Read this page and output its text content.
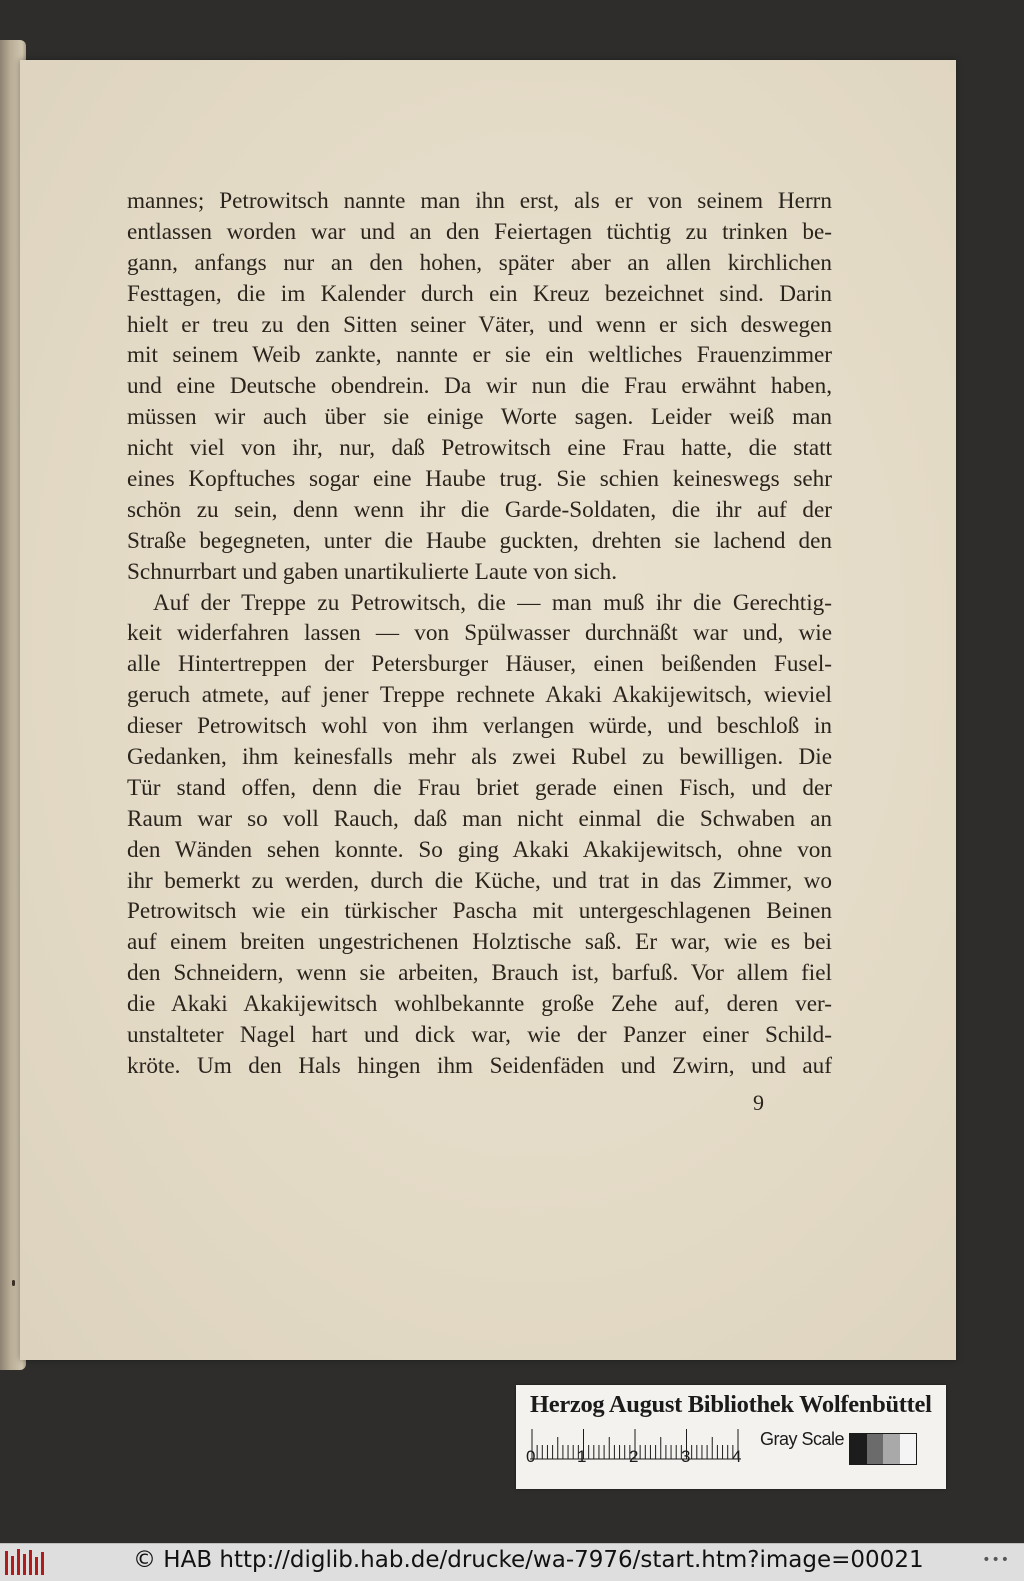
mannes; Petrowitsch nannte man ihn erst, als er von seinem Herrn
entlassen worden war und an den Feiertagen tüchtig zu trinken be-
gann, anfangs nur an den hohen, später aber an allen kirchlichen
Festtagen, die im Kalender durch ein Kreuz bezeichnet sind. Darin
hielt er treu zu den Sitten seiner Väter, und wenn er sich deswegen
mit seinem Weib zankte, nannte er sie ein weltliches Frauenzimmer
und eine Deutsche obendrein. Da wir nun die Frau erwähnt haben,
müssen wir auch über sie einige Worte sagen. Leider weiß man
nicht viel von ihr, nur, daß Petrowitsch eine Frau hatte, die statt
eines Kopftuches sogar eine Haube trug. Sie schien keineswegs sehr
schön zu sein, denn wenn ihr die Garde-Soldaten, die ihr auf der
Straße begegneten, unter die Haube guckten, drehten sie lachend den
Schnurrbart und gaben unartikulierte Laute von sich.
Auf der Treppe zu Petrowitsch, die — man muß ihr die Gerechtig-
keit widerfahren lassen — von Spülwasser durchnäßt war und, wie
alle Hintertreppen der Petersburger Häuser, einen beißenden Fusel-
geruch atmete, auf jener Treppe rechnete Akaki Akakijewitsch, wieviel
dieser Petrowitsch wohl von ihm verlangen würde, und beschloß in
Gedanken, ihm keinesfalls mehr als zwei Rubel zu bewilligen. Die
Tür stand offen, denn die Frau briet gerade einen Fisch, und der
Raum war so voll Rauch, daß man nicht einmal die Schwaben an
den Wänden sehen konnte. So ging Akaki Akakijewitsch, ohne von
ihr bemerkt zu werden, durch die Küche, und trat in das Zimmer, wo
Petrowitsch wie ein türkischer Pascha mit untergeschlagenen Beinen
auf einem breiten ungestrichenen Holztische saß. Er war, wie es bei
den Schneidern, wenn sie arbeiten, Brauch ist, barfuß. Vor allem fiel
die Akaki Akakijewitsch wohlbekannte große Zehe auf, deren ver-
unstalteter Nagel hart und dick war, wie der Panzer einer Schild-
kröte. Um den Hals hingen ihm Seidenfäden und Zwirn, und auf
9
Herzog August Bibliothek Wolfenbüttel
0 1	2	3 4
Gray Scale
© HAB http://diglib.hab.de/drucke/wa-7976/start.htm?image=00021	•••
